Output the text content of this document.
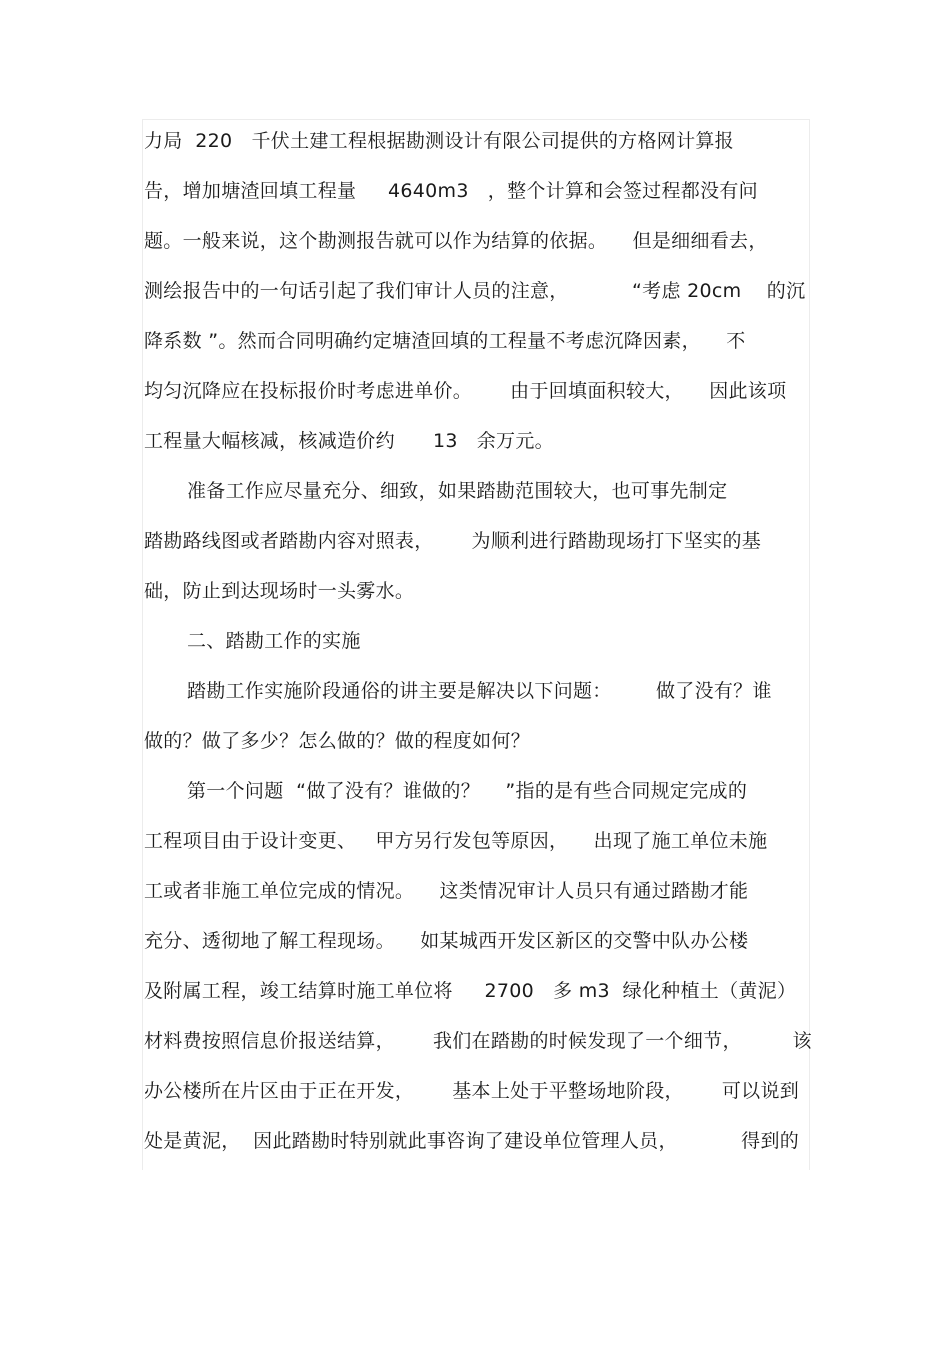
力局  220   千伏土建工程根据勘测设计有限公司提供的方格网计算报
告，增加塘渣回填工程量     4640m3   ，整个计算和会签过程都没有问
题。一般来说，这个勘测报告就可以作为结算的依据。    但是细细看去，
测绘报告中的一句话引起了我们审计人员的注意，          “考虑 20cm    的沉
降系数 ”。然而合同明确约定塘渣回填的工程量不考虑沉降因素，    不
均匀沉降应在投标报价时考虑进单价。      由于回填面积较大，    因此该项
工程量大幅核减，核减造价约      13   余万元。
准备工作应尽量充分、细致，如果踏勘范围较大，也可事先制定
踏勘路线图或者踏勘内容对照表，      为顺利进行踏勘现场打下坚实的基
础，防止到达现场时一头雾水。
二、踏勘工作的实施
踏勘工作实施阶段通俗的讲主要是解决以下问题：       做了没有？谁
做的？做了多少？怎么做的？做的程度如何？
第一个问题  “做了没有？谁做的？    ”指的是有些合同规定完成的
工程项目由于设计变更、   甲方另行发包等原因，    出现了施工单位未施
工或者非施工单位完成的情况。    这类情况审计人员只有通过踏勘才能
充分、透彻地了解工程现场。    如某城西开发区新区的交警中队办公楼
及附属工程，竣工结算时施工单位将     2700   多 m3  绿化种植土（黄泥）
材料费按照信息价报送结算，      我们在踏勘的时候发现了一个细节，        该
办公楼所在片区由于正在开发，      基本上处于平整场地阶段，      可以说到
处是黄泥，  因此踏勘时特别就此事咨询了建设单位管理人员，          得到的
